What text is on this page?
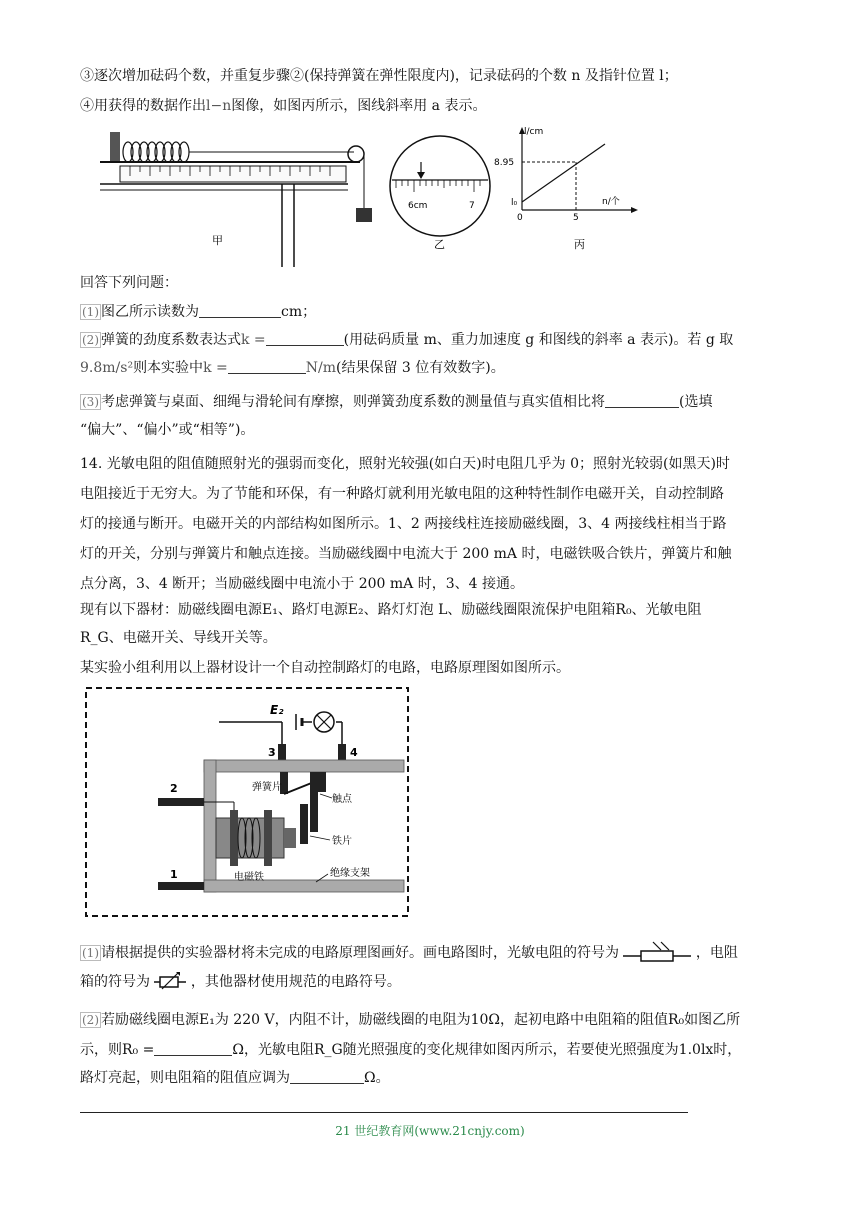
③逐次增加砝码个数，并重复步骤②(保持弹簧在弹性限度内)，记录砝码的个数 n 及指针位置 l；
④用获得的数据作出l−n图像，如图丙所示，图线斜率用 a 表示。
甲
6cm	7
乙
l/cm
n/个
8.95
l₀
0	5
丙
回答下列问题：
(1) 图乙所示读数为	cm；
(2) 弹簧的劲度系数表达式k =	(用砝码质量 m、重力加速度 g 和图线的斜率 a 表示)。若 g 取
9.8m/s²则本实验中k =	N/m(结果保留 3 位有效数字)。
(3) 考虑弹簧与桌面、细绳与滑轮间有摩擦，则弹簧劲度系数的测量值与真实值相比将	(选填
“偏大”、“偏小”或“相等”)。
14. 光敏电阻的阻值随照射光的强弱而变化，照射光较强(如白天)时电阻几乎为 0；照射光较弱(如黑天)时
电阻接近于无穷大。为了节能和环保，有一种路灯就利用光敏电阻的这种特性制作电磁开关，自动控制路
灯的接通与断开。电磁开关的内部结构如图所示。1、2 两接线柱连接励磁线圈，3、4 两接线柱相当于路
灯的开关，分别与弹簧片和触点连接。当励磁线圈中电流大于 200 mA 时，电磁铁吸合铁片，弹簧片和触
点分离，3、4 断开；当励磁线圈中电流小于 200 mA 时，3、4 接通。
现有以下器材：励磁线圈电源E₁、路灯电源E₂、路灯灯泡 L、励磁线圈限流保护电阻箱R₀、光敏电阻
R_G、电磁开关、导线开关等。
某实验小组利用以上器材设计一个自动控制路灯的电路，电路原理图如图所示。
E₂
3	4
2
1
弹簧片
触点
铁片
电磁铁	绝缘支架
(1) 请根据提供的实验器材将未完成的电路原理图画好。画电路图时，光敏电阻的符号为	，电阻
箱的符号为	，其他器材使用规范的电路符号。
(2) 若励磁线圈电源E₁为 220 V，内阻不计，励磁线圈的电阻为10Ω，起初电路中电阻箱的阻值R₀如图乙所
示，则R₀ =	Ω，光敏电阻R_G随光照强度的变化规律如图丙所示，若要使光照强度为1.0lx时，
路灯亮起，则电阻箱的阻值应调为	Ω。
21 世纪教育网(www.21cnjy.com)
